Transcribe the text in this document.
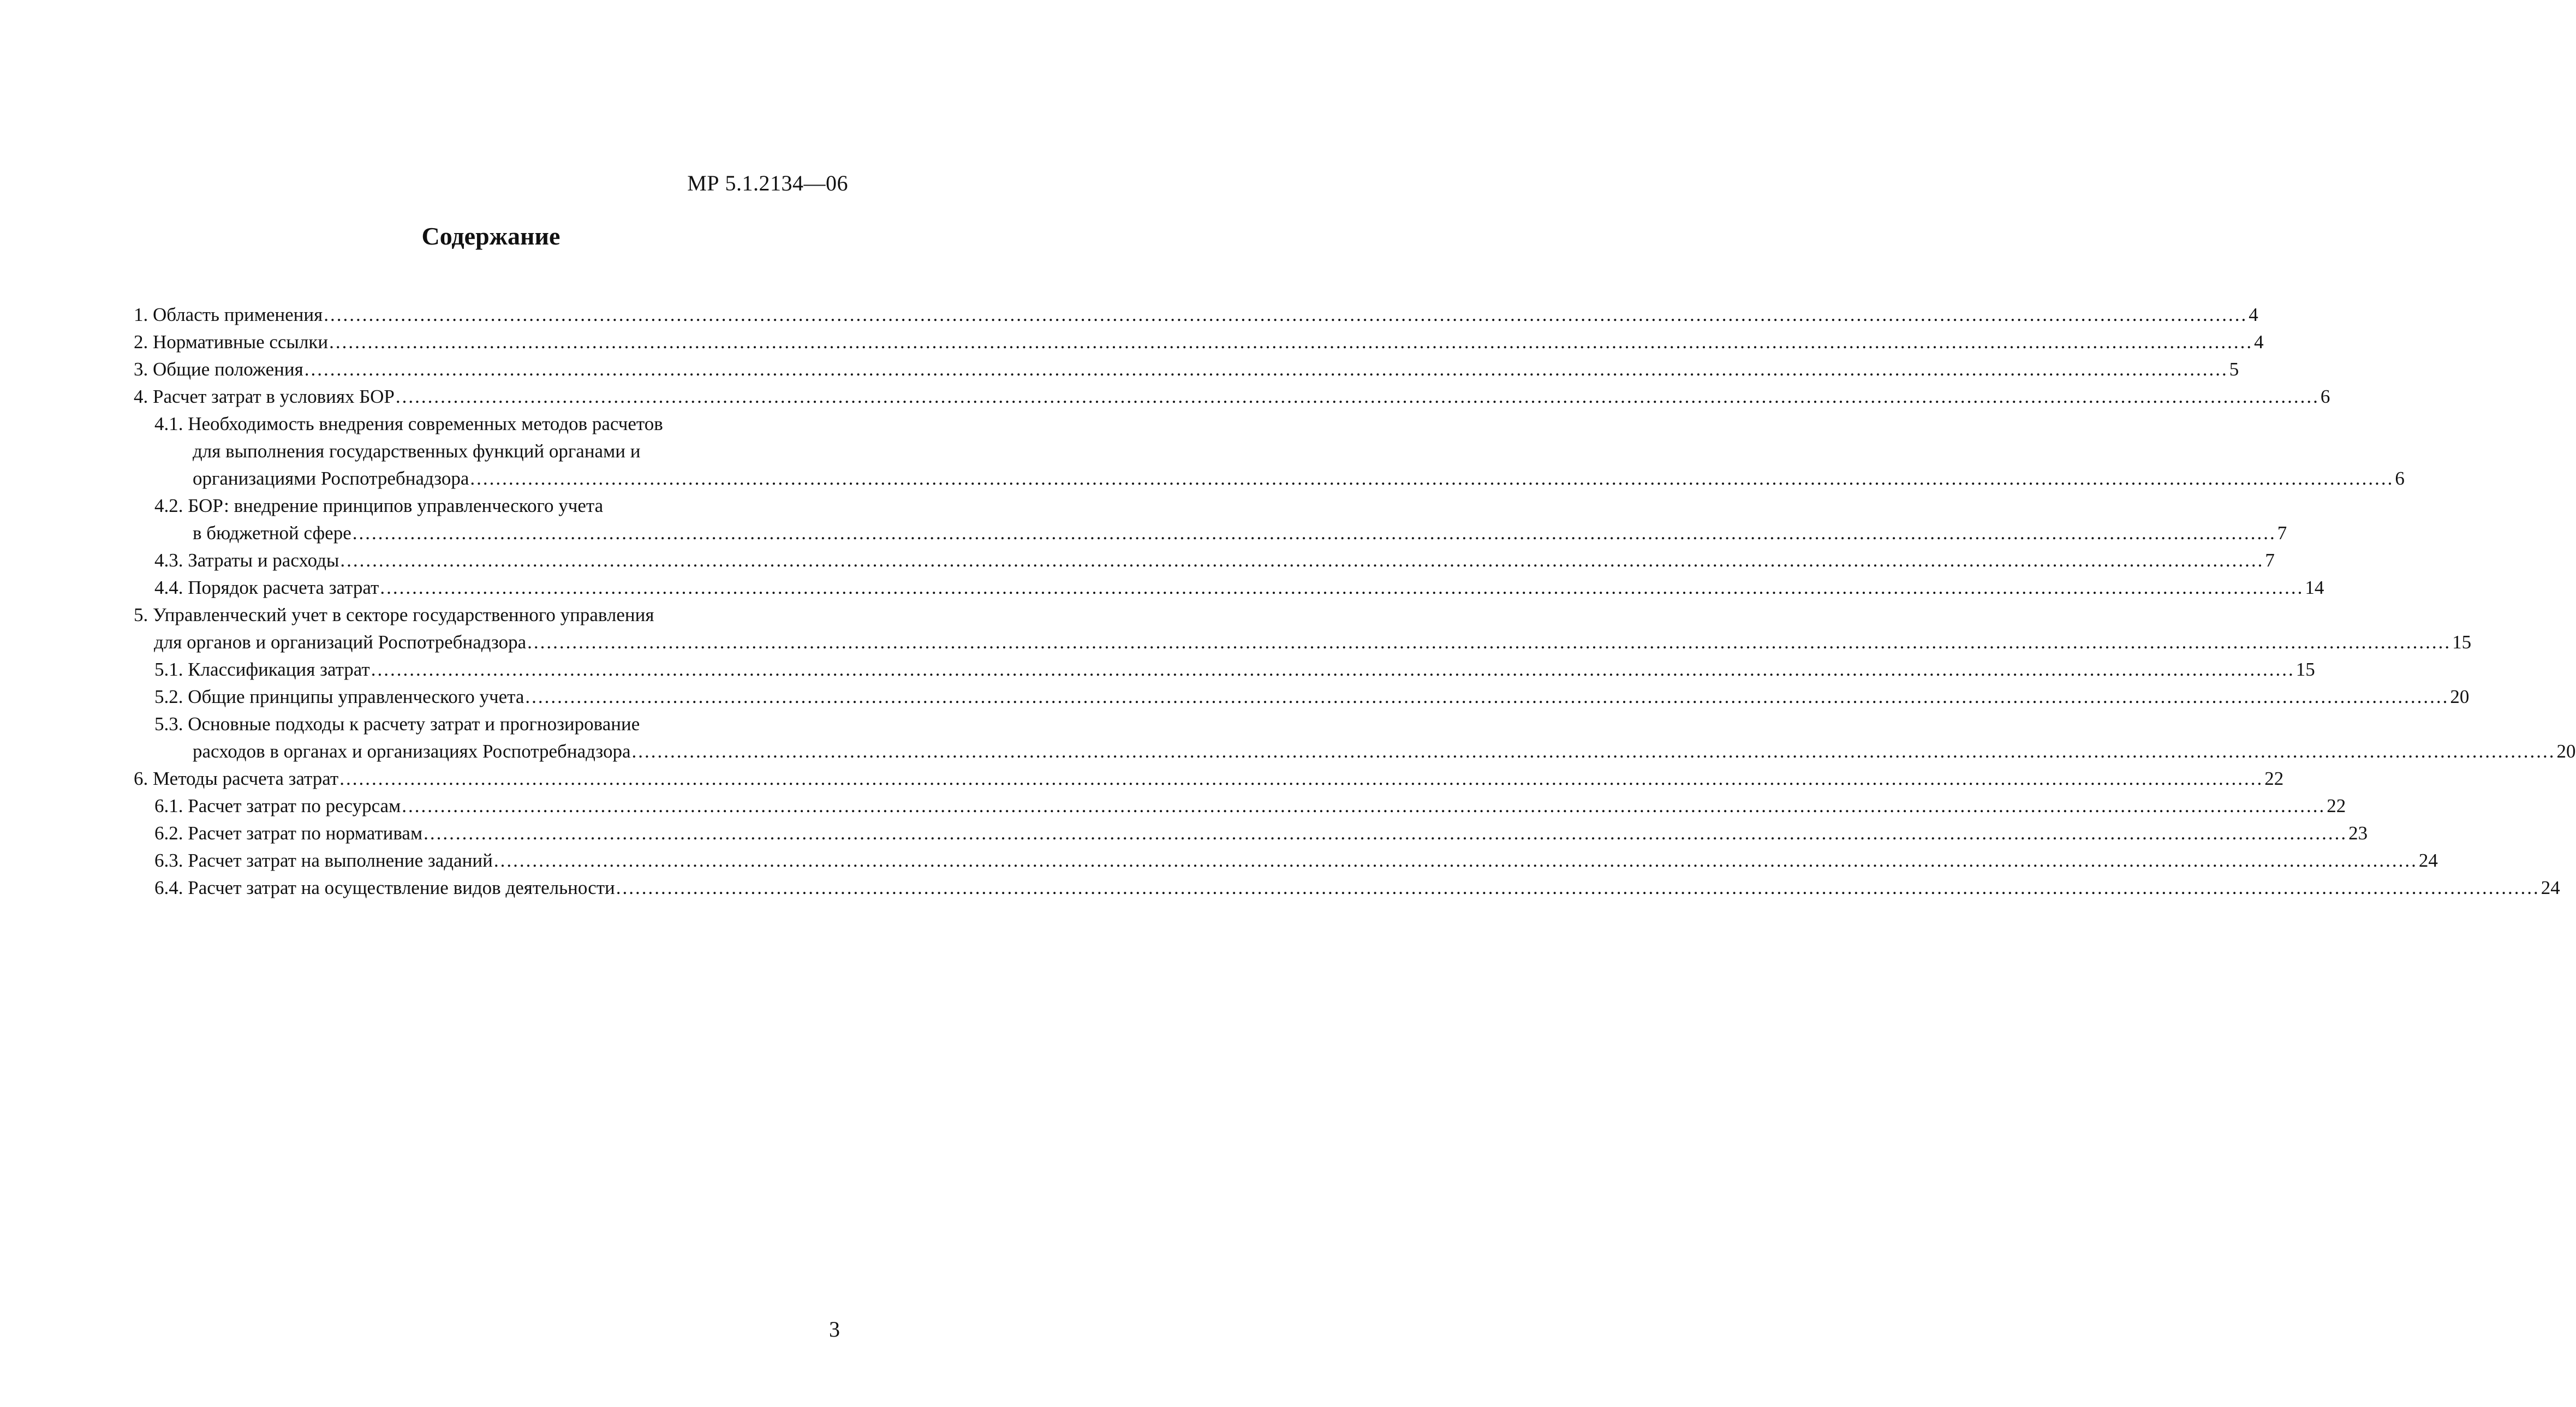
МР 5.1.2134—06
Содержание
1. Область применения ............................................................................................................................................................................................................................................................................................................ 4
2. Нормативные ссылки ............................................................................................................................................................................................................................................................................................................ 4
3. Общие положения ............................................................................................................................................................................................................................................................................................................ 5
4. Расчет затрат в условиях БОР ............................................................................................................................................................................................................................................................................................................ 6
4.1. Необходимость внедрения современных методов расчетов
для выполнения государственных функций органами и
организациями Роспотребнадзора ............................................................................................................................................................................................................................................................................................................ 6
4.2. БОР: внедрение принципов управленческого учета
в бюджетной сфере ............................................................................................................................................................................................................................................................................................................ 7
4.3. Затраты и расходы ............................................................................................................................................................................................................................................................................................................ 7
4.4. Порядок расчета затрат ............................................................................................................................................................................................................................................................................................................ 14
5. Управленческий учет в секторе государственного управления
для органов и организаций Роспотребнадзора ............................................................................................................................................................................................................................................................................................................ 15
5.1. Классификация затрат ............................................................................................................................................................................................................................................................................................................ 15
5.2. Общие принципы управленческого учета ............................................................................................................................................................................................................................................................................................................ 20
5.3. Основные подходы к расчету затрат и прогнозирование
расходов в органах и организациях Роспотребнадзора ............................................................................................................................................................................................................................................................................................................ 20
6. Методы расчета затрат ............................................................................................................................................................................................................................................................................................................ 22
6.1. Расчет затрат по ресурсам ............................................................................................................................................................................................................................................................................................................ 22
6.2. Расчет затрат по нормативам ............................................................................................................................................................................................................................................................................................................ 23
6.3. Расчет затрат на выполнение заданий ............................................................................................................................................................................................................................................................................................................ 24
6.4. Расчет затрат на осуществление видов деятельности ............................................................................................................................................................................................................................................................................................................ 24
3
